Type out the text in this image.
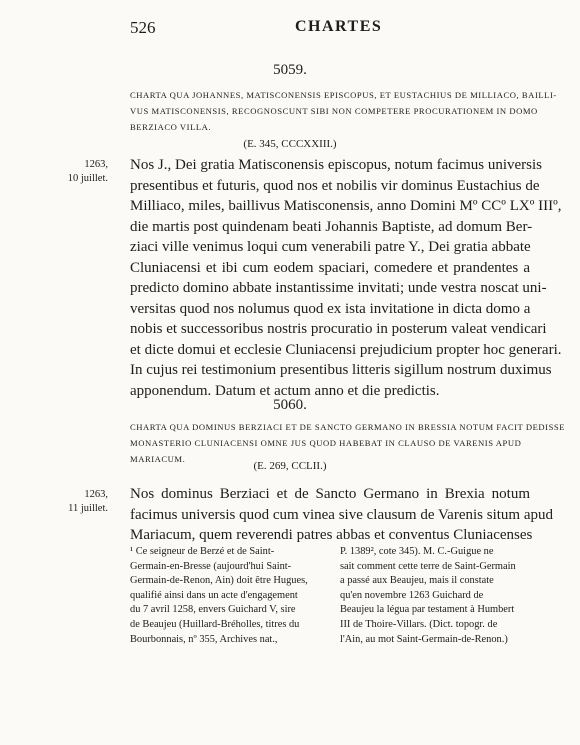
526	CHARTES
5059.
CHARTA QUA JOHANNES, MATISCONENSIS EPISCOPUS, ET EUSTACHIUS DE MILLIACO, BAILLI-
VUS MATISCONENSIS, RECOGNOSCUNT SIBI NON COMPETERE PROCURATIONEM IN DOMO
BERZIACO VILLA.
(E. 345, CCCXXIII.)
1263,
10 juillet.
Nos J., Dei gratia Matisconensis episcopus, notum facimus universis
presentibus et futuris, quod nos et nobilis vir dominus Eustachius de
Milliaco, miles, baillivus Matisconensis, anno Domini Mº CCº LXº IIIº,
die martis post quindenam beati Johannis Baptiste, ad domum Ber-
ziaci ville venimus loqui cum venerabili patre Y., Dei gratia abbate
Cluniacensi et ibi cum eodem spaciari, comedere et prandentes a
predicto domino abbate instantissime invitati; unde vestra noscat uni-
versitas quod nos nolumus quod ex ista invitatione in dicta domo a
nobis et successoribus nostris procuratio in posterum valeat vendicari
et dicte domui et ecclesie Cluniacensi prejudicium propter hoc generari.
In cujus rei testimonium presentibus litteris sigillum nostrum duximus
apponendum. Datum et actum anno et die predictis.
5060.
CHARTA QUA DOMINUS BERZIACI ET DE SANCTO GERMANO IN BRESSIA NOTUM FACIT DEDISSE
MONASTERIO CLUNIACENSI OMNE JUS QUOD HABEBAT IN CLAUSO DE VARENIS APUD
MARIACUM.
(E. 269, CCLII.)
1263,
11 juillet.
Nos dominus Berziaci et de Sancto Germano in Brexia notum
facimus universis quod cum vinea sive clausum de Varenis situm apud
Mariacum, quem reverendi patres abbas et conventus Cluniacenses
¹ Ce seigneur de Berzé et de Saint-
Germain-en-Bresse (aujourd'hui Saint-
Germain-de-Renon, Ain) doit être Hugues,
qualifié ainsi dans un acte d'engagement
du 7 avril 1258, envers Guichard V, sire
de Beaujeu (Huillard-Bréholles, titres du
Bourbonnais, nº 355, Archives nat.,
P. 1389², cote 345). M. C.-Guigue ne
sait comment cette terre de Saint-Germain
a passé aux Beaujeu, mais il constate
qu'en novembre 1263 Guichard de
Beaujeu la légua par testament à Humbert
III de Thoire-Villars. (Dict. topogr. de
l'Ain, au mot Saint-Germain-de-Renon.)
